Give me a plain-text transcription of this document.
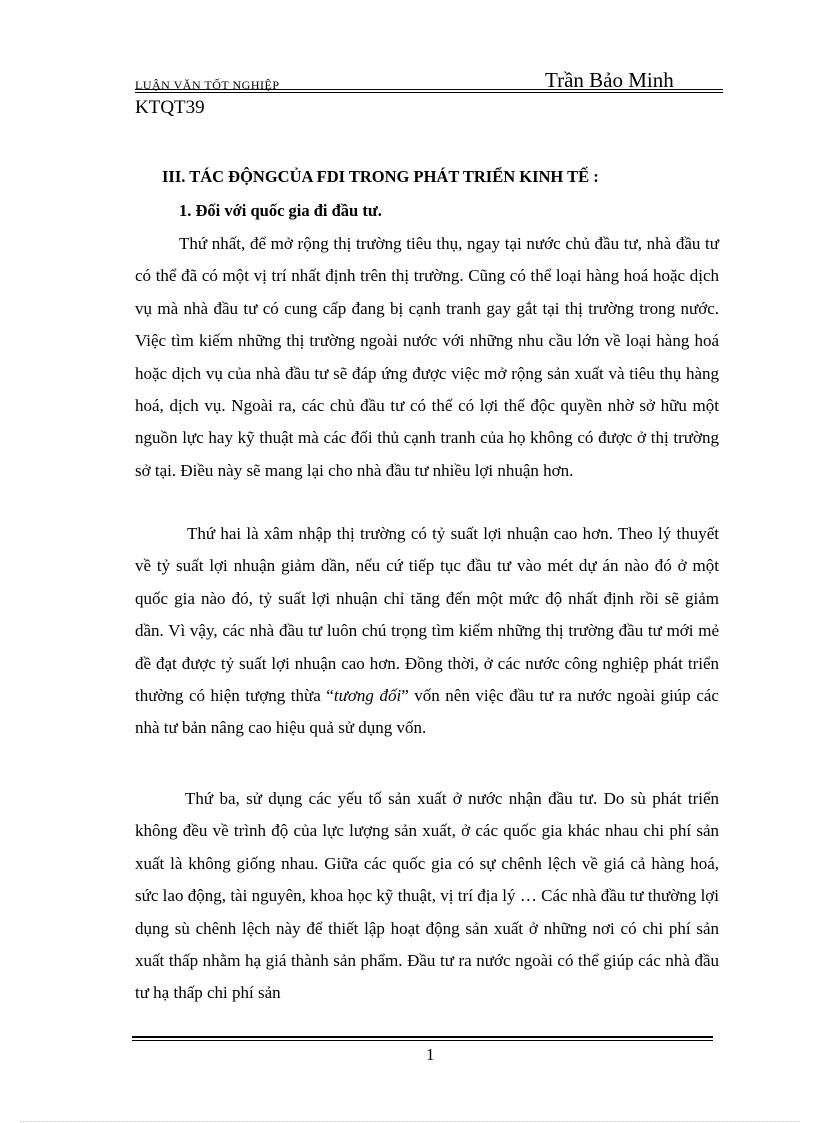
LUẬN VĂN TỐT NGHIỆP	Trần Bảo Minh
KTQT39
III. TÁC ĐỘNGCỦA FDI TRONG PHÁT TRIỂN KINH TẾ :
1. Đối với quốc gia đi đầu tư.
Thứ nhất, để mở rộng thị trường tiêu thụ, ngay tại nước chủ đầu tư, nhà đầu tư có thể đã có một vị trí nhất định trên thị trường. Cũng có thể loại hàng hoá hoặc dịch vụ mà nhà đầu tư có cung cấp đang bị cạnh tranh gay gắt tại thị trường trong nước. Việc tìm kiếm những thị trường ngoài nước với những nhu cầu lớn về loại hàng hoá hoặc dịch vụ của nhà đầu tư sẽ đáp ứng được việc mở rộng sản xuất và tiêu thụ hàng hoá, dịch vụ. Ngoài ra, các chủ đầu tư có thể có lợi thế độc quyền nhờ sở hữu một nguồn lực hay kỹ thuật mà các đối thủ cạnh tranh của họ không có được ở thị trường sở tại. Điều này sẽ mang lại cho nhà đầu tư nhiều lợi nhuận hơn.
Thứ hai là xâm nhập thị trường có tỷ suất lợi nhuận cao hơn. Theo lý thuyết về tỷ suất lợi nhuận giảm dần, nếu cứ tiếp tục đầu tư vào mét dự án nào đó ở một quốc gia nào đó, tỷ suất lợi nhuận chỉ tăng đến một mức độ nhất định rồi sẽ giảm dần. Vì vậy, các nhà đầu tư luôn chú trọng tìm kiếm những thị trường đầu tư mới mẻ đề đạt được tỷ suất lợi nhuận cao hơn. Đồng thời, ở các nước công nghiệp phát triển thường có hiện tượng thừa “tương đối” vốn nên việc đầu tư ra nước ngoài giúp các nhà tư bản nâng cao hiệu quả sử dụng vốn.
Thứ ba, sử dụng các yếu tố sản xuất ở nước nhận đầu tư. Do sù phát triển không đều về trình độ của lực lượng sản xuất, ở các quốc gia khác nhau chi phí sản xuất là không giống nhau. Giữa các quốc gia có sự chênh lệch về giá cả hàng hoá, sức lao động, tài nguyên, khoa học kỹ thuật, vị trí địa lý … Các nhà đầu tư thường lợi dụng sù chênh lệch này để thiết lập hoạt động sản xuất ở những nơi có chi phí sản xuất thấp nhằm hạ giá thành sản phẩm. Đầu tư ra nước ngoài có thể giúp các nhà đầu tư hạ thấp chi phí sản
1
